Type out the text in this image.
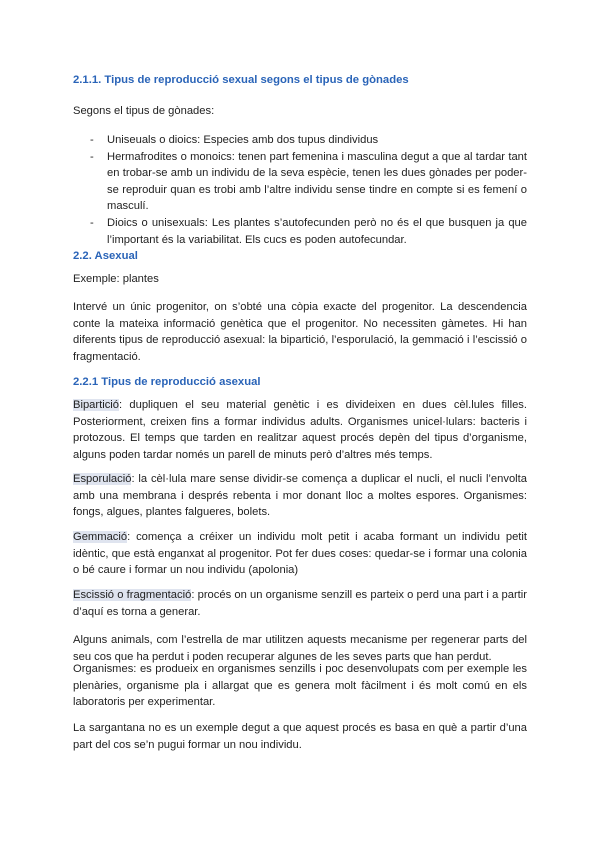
2.1.1. Tipus de reproducció sexual segons el tipus de gònades
Segons el tipus de gònades:
- Uniseuals o dioics: Especies amb dos tupus dindividus
- Hermafrodites o monoics: tenen part femenina i masculina degut a que al tardar tant en trobar-se amb un individu de la seva espècie, tenen les dues gònades per poder-se reproduir quan es trobi amb l’altre individu sense tindre en compte si es femení o masculí.
- Dioics o unisexuals: Les plantes s’autofecunden però no és el que busquen ja que l’important és la variabilitat. Els cucs es poden autofecundar.
2.2. Asexual
Exemple: plantes
Intervé un únic progenitor, on s’obté una còpia exacte del progenitor. La descendencia conte la mateixa informació genètica que el progenitor. No necessiten gàmetes. Hi han diferents tipus de reproducció asexual: la bipartició, l’esporulació, la gemmació i l’escissió o fragmentació.
2.2.1 Tipus de reproducció asexual
Bipartició: dupliquen el seu material genètic i es divideixen en dues cèl.lules filles. Posteriorment, creixen fins a formar individus adults. Organismes unicel·lulars: bacteris i protozous. El temps que tarden en realitzar aquest procés depèn del tipus d’organisme, alguns poden tardar només un parell de minuts però d’altres més temps.
Esporulació: la cèl·lula mare sense dividir-se comença a duplicar el nucli, el nucli l’envolta amb una membrana i després rebenta i mor donant lloc a moltes espores. Organismes: fongs, algues, plantes falgueres, bolets.
Gemmació: comença a créixer un individu molt petit i acaba formant un individu petit idèntic, que està enganxat al progenitor. Pot fer dues coses: quedar-se i formar una colonia o bé caure i formar un nou individu (apolonia)
Escissió o fragmentació: procés on un organisme senzill es parteix o perd una part i a partir d’aquí es torna a generar.
Alguns animals, com l’estrella de mar utilitzen aquests mecanisme per regenerar parts del seu cos que ha perdut i poden recuperar algunes de les seves parts que han perdut.
Organismes: es produeix en organismes senzills i poc desenvolupats com per exemple les plenàries, organisme pla i allargat que es genera molt fàcilment i és molt comú en els laboratoris per experimentar.
La sargantana no es un exemple degut a que aquest procés es basa en què a partir d’una part del cos se’n pugui formar un nou individu.
